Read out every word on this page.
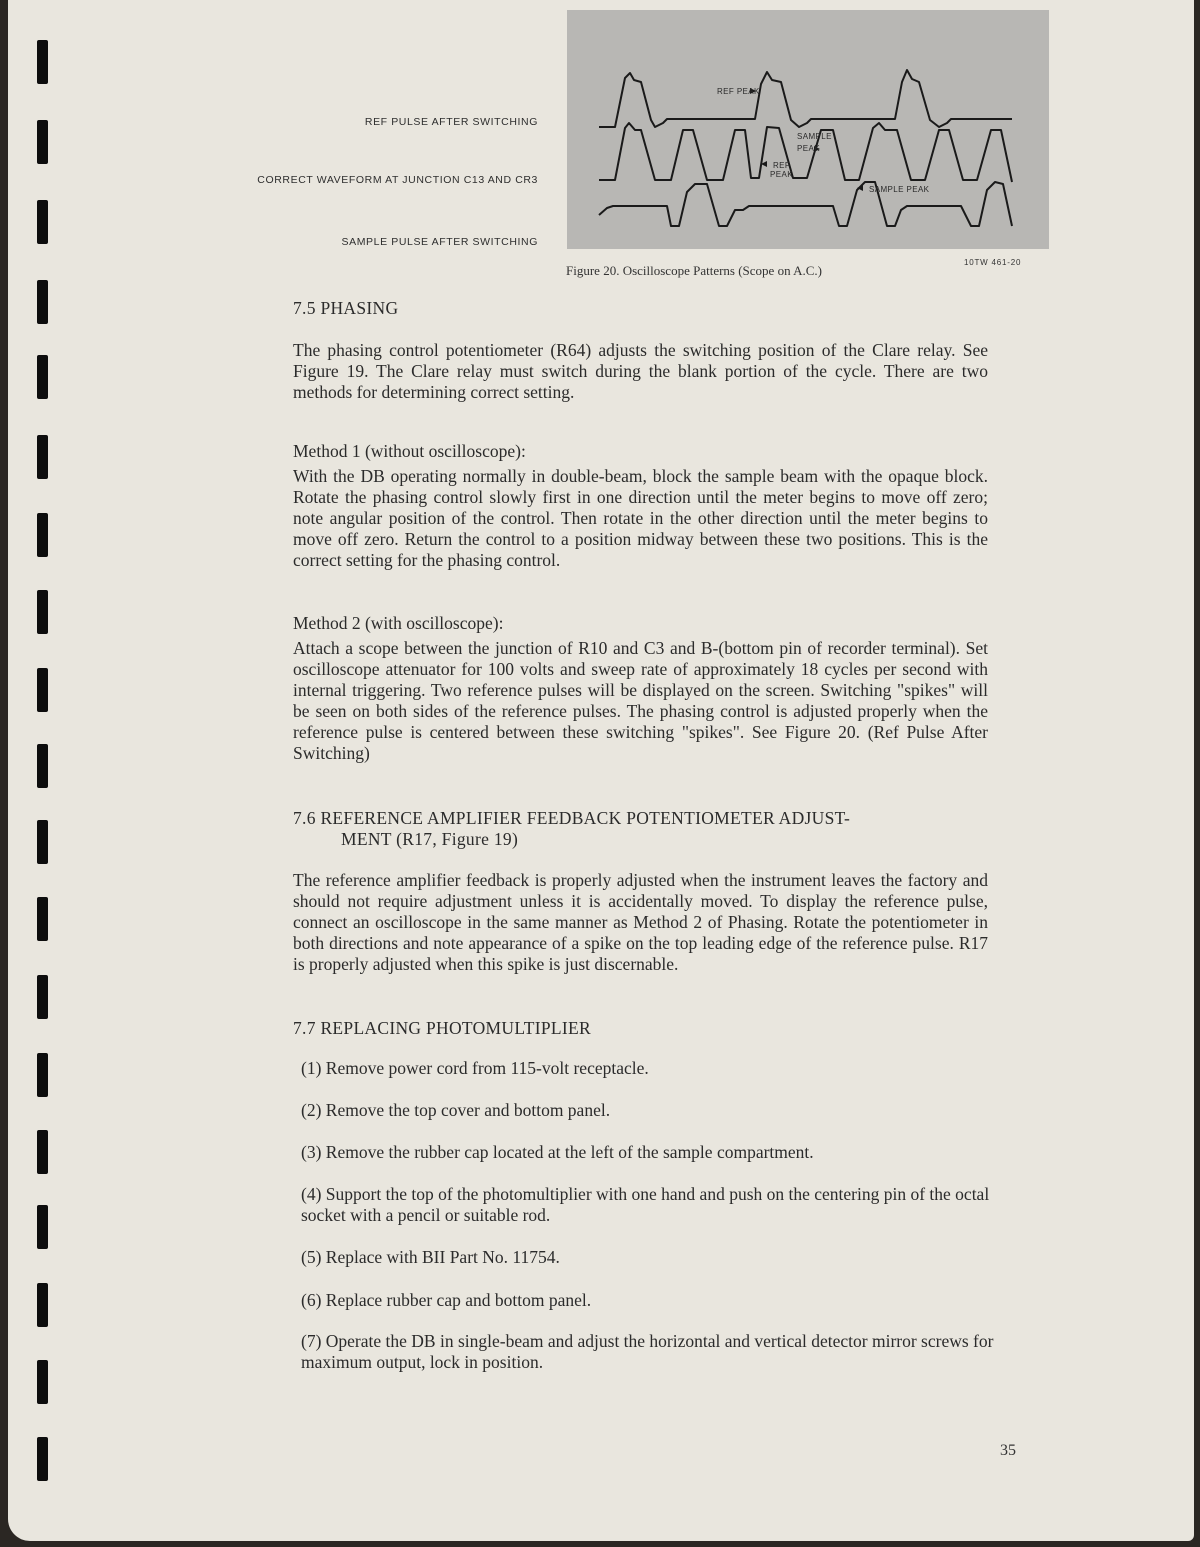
REF PULSE AFTER SWITCHING
CORRECT WAVEFORM AT JUNCTION C13 AND CR3
SAMPLE PULSE AFTER SWITCHING
REF PEAK
SAMPLE
PEAK
REF
PEAK
SAMPLE PEAK
Figure 20. Oscilloscope Patterns (Scope on A.C.)
10TW 461-20
7.5 PHASING
The phasing control potentiometer (R64) adjusts the switching position of the Clare relay. See Figure 19. The Clare relay must switch during the blank portion of the cycle. There are two methods for determining correct setting.
Method 1 (without oscilloscope):
With the DB operating normally in double-beam, block the sample beam with the opaque block. Rotate the phasing control slowly first in one direction until the meter begins to move off zero; note angular position of the control. Then rotate in the other direction until the meter begins to move off zero. Return the control to a position midway between these two positions. This is the correct setting for the phasing control.
Method 2 (with oscilloscope):
Attach a scope between the junction of R10 and C3 and B-(bottom pin of recorder terminal). Set oscilloscope attenuator for 100 volts and sweep rate of approximately 18 cycles per second with internal triggering. Two reference pulses will be displayed on the screen. Switching "spikes" will be seen on both sides of the reference pulses. The phasing control is adjusted properly when the reference pulse is centered between these switching "spikes". See Figure 20. (Ref Pulse After Switching)
7.6 REFERENCE AMPLIFIER FEEDBACK POTENTIOMETER ADJUST-
MENT (R17, Figure 19)
The reference amplifier feedback is properly adjusted when the instrument leaves the factory and should not require adjustment unless it is accidentally moved. To display the reference pulse, connect an oscilloscope in the same manner as Method 2 of Phasing. Rotate the potentiometer in both directions and note appearance of a spike on the top leading edge of the reference pulse. R17 is properly adjusted when this spike is just discernable.
7.7 REPLACING PHOTOMULTIPLIER
(1) Remove power cord from 115-volt receptacle.
(2) Remove the top cover and bottom panel.
(3) Remove the rubber cap located at the left of the sample compartment.
(4) Support the top of the photomultiplier with one hand and push on the centering pin of the octal socket with a pencil or suitable rod.
(5) Replace with BII Part No. 11754.
(6) Replace rubber cap and bottom panel.
(7) Operate the DB in single-beam and adjust the horizontal and vertical detector mirror screws for maximum output, lock in position.
35
